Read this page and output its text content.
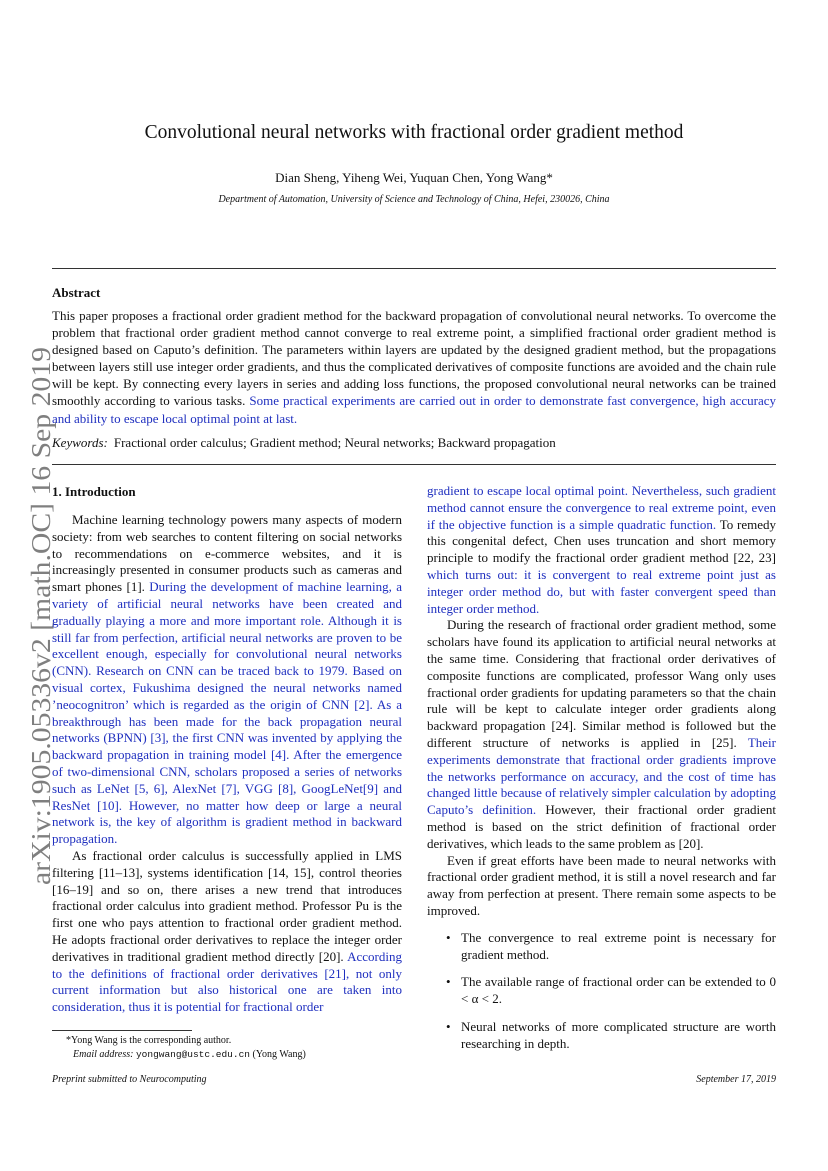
arXiv:1905.05336v2 [math.OC] 16 Sep 2019
Convolutional neural networks with fractional order gradient method
Dian Sheng, Yiheng Wei, Yuquan Chen, Yong Wang*
Department of Automation, University of Science and Technology of China, Hefei, 230026, China
Abstract
This paper proposes a fractional order gradient method for the backward propagation of convolutional neural networks. To overcome the problem that fractional order gradient method cannot converge to real extreme point, a simplified fractional order gradient method is designed based on Caputo’s definition. The parameters within layers are updated by the designed gradient method, but the propagations between layers still use integer order gradients, and thus the complicated derivatives of composite functions are avoided and the chain rule will be kept. By connecting every layers in series and adding loss functions, the proposed convolutional neural networks can be trained smoothly according to various tasks. Some practical experiments are carried out in order to demonstrate fast convergence, high accuracy and ability to escape local optimal point at last.
Keywords: Fractional order calculus; Gradient method; Neural networks; Backward propagation
1. Introduction

Machine learning technology powers many aspects of modern society: from web searches to content filtering on social networks to recommendations on e-commerce websites, and it is increasingly presented in consumer products such as cameras and smart phones [1]. During the development of machine learning, a variety of artificial neural networks have been created and gradually playing a more and more important role. Although it is still far from perfection, artificial neural networks are proven to be excellent enough, especially for convolutional neural networks (CNN). Research on CNN can be traced back to 1979. Based on visual cortex, Fukushima designed the neural networks named ’neocognitron’ which is regarded as the origin of CNN [2]. As a breakthrough has been made for the back propagation neural networks (BPNN) [3], the first CNN was invented by applying the backward propagation in training model [4]. After the emergence of two-dimensional CNN, scholars proposed a series of networks such as LeNet [5, 6], AlexNet [7], VGG [8], GoogLeNet[9] and ResNet [10]. However, no matter how deep or large a neural network is, the key of algorithm is gradient method in backward propagation.

As fractional order calculus is successfully applied in LMS filtering [11–13], systems identification [14, 15], control theories [16–19] and so on, there arises a new trend that introduces fractional order calculus into gradient method. Professor Pu is the first one who pays attention to fractional order gradient method. He adopts fractional order derivatives to replace the integer order derivatives in traditional gradient method directly [20]. According to the definitions of fractional order derivatives [21], not only current information but also historical one are taken into consideration, thus it is potential for fractional order

gradient to escape local optimal point. Nevertheless, such gradient method cannot ensure the convergence to real extreme point, even if the objective function is a simple quadratic function. To remedy this congenital defect, Chen uses truncation and short memory principle to modify the fractional order gradient method [22, 23] which turns out: it is convergent to real extreme point just as integer order method do, but with faster convergent speed than integer order method.

During the research of fractional order gradient method, some scholars have found its application to artificial neural networks at the same time. Considering that fractional order derivatives of composite functions are complicated, professor Wang only uses fractional order gradients for updating parameters so that the chain rule will be kept to calculate integer order gradients along backward propagation [24]. Similar method is followed but the different structure of networks is applied in [25]. Their experiments demonstrate that fractional order gradients improve the networks performance on accuracy, and the cost of time has changed little because of relatively simpler calculation by adopting Caputo’s definition. However, their fractional order gradient method is based on the strict definition of fractional order derivatives, which leads to the same problem as [20].

Even if great efforts have been made to neural networks with fractional order gradient method, it is still a novel research and far away from perfection at present. There remain some aspects to be improved.

• The convergence to real extreme point is necessary for gradient method.
• The available range of fractional order can be extended to 0 < α < 2.
• Neural networks of more complicated structure are worth researching in depth.
*Yong Wang is the corresponding author.
Email address: yongwang@ustc.edu.cn (Yong Wang)
Preprint submitted to Neurocomputing	September 17, 2019
